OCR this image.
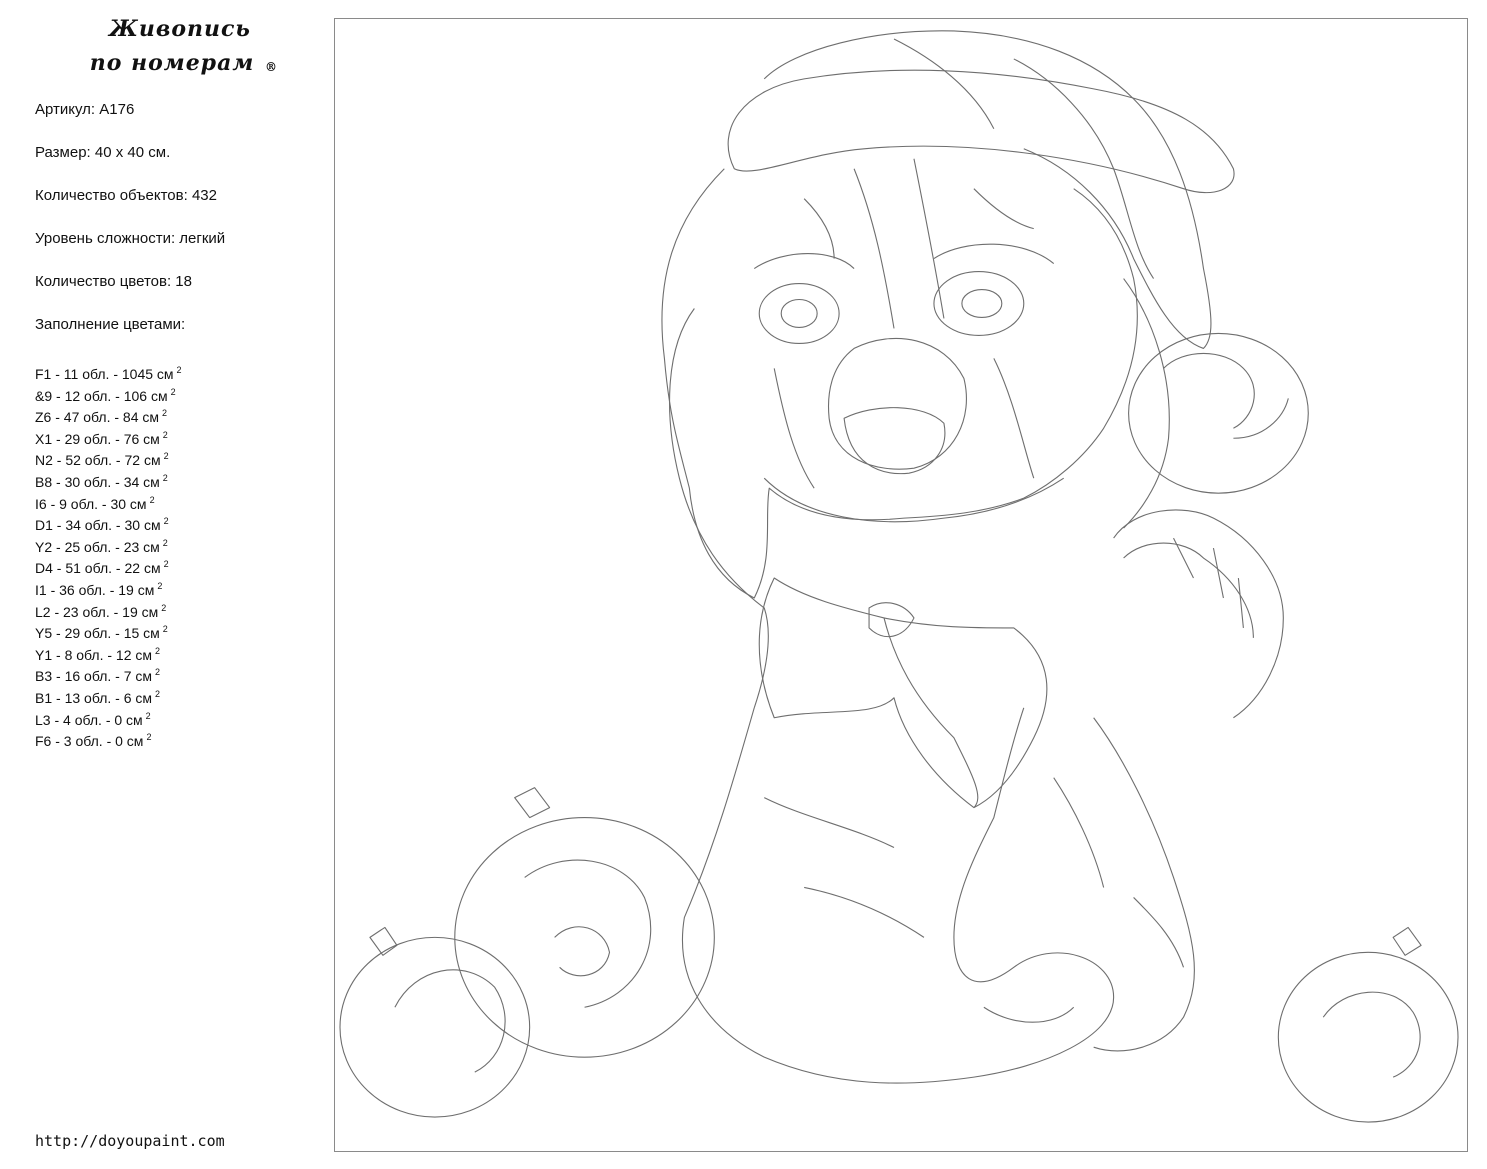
Живопись
по номерам ®
Артикул: А176
Размер: 40 х 40 см.
Количество объектов: 432
Уровень сложности: легкий
Количество цветов: 18
Заполнение цветами:
F1 - 11 обл. - 1045 см $^2$
&9 - 12 обл. - 106 см $^2$
Z6 - 47 обл. - 84 см $^2$
X1 - 29 обл. - 76 см $^2$
N2 - 52 обл. - 72 см $^2$
B8 - 30 обл. - 34 см $^2$
I6 - 9 обл. - 30 см $^2$
D1 - 34 обл. - 30 см $^2$
Y2 - 25 обл. - 23 см $^2$
D4 - 51 обл. - 22 см $^2$
I1 - 36 обл. - 19 см $^2$
L2 - 23 обл. - 19 см $^2$
Y5 - 29 обл. - 15 см $^2$
Y1 - 8 обл. - 12 см $^2$
B3 - 16 обл. - 7 см $^2$
B1 - 13 обл. - 6 см $^2$
L3 - 4 обл. - 0 см $^2$
F6 - 3 обл. - 0 см $^2$
http://doyoupaint.com
